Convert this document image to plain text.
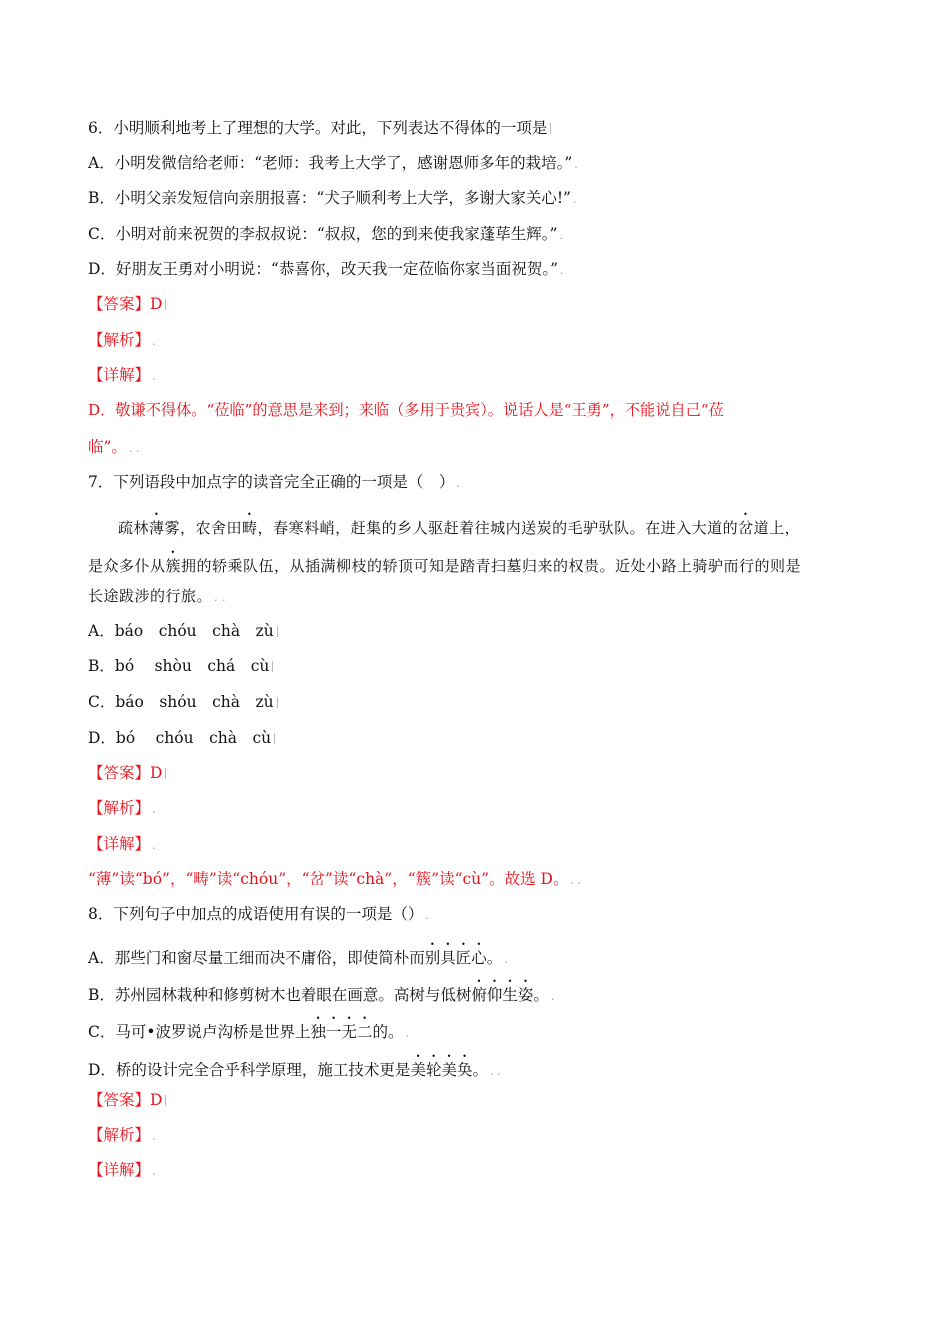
6．小明顺利地考上了理想的大学。对此，下列表达不得体的一项是
A．小明发微信给老师：“老师：我考上大学了，感谢恩师多年的栽培。” .
B．小明父亲发短信向亲朋报喜：“犬子顺利考上大学，多谢大家关心!” .
C．小明对前来祝贺的李叔叔说：“叔叔，您的到来使我家蓬荜生辉。” .
D．好朋友王勇对小明说：“恭喜你，改天我一定莅临你家当面祝贺。” .
【答案】D
【解析】 .
【详解】 .
D．敬谦不得体。“莅临”的意思是来到；来临（多用于贵宾）。说话人是“王勇”，不能说自己“莅
临”。 . .
7．下列语段中加点字的读音完全正确的一项是（　） .
疏林薄雾，农舍田畴，春寒料峭，赶集的乡人驱赶着往城内送炭的毛驴驮队。在进入大道的岔道上，
是众多仆从簇拥的轿乘队伍，从插满柳枝的轿顶可知是踏青扫墓归来的权贵。近处小路上骑驴而行的则是
长途跋涉的行旅。 . .
A．báo　chóu　chà　zù
B．bó　 shòu　chá　cù
C．báo　shóu　chà　zù
D．bó　 chóu　chà　cù
【答案】D
【解析】 .
【详解】 .
“薄”读“bó”，“畴”读“chóu”，“岔”读“chà”，“簇”读“cù”。故选 D。 . .
8．下列句子中加点的成语使用有误的一项是（） .
A．那些门和窗尽量工细而决不庸俗，即使简朴而别具匠心。 .
B．苏州园林栽种和修剪树木也着眼在画意。高树与低树俯仰生姿。 .
C．马可•波罗说卢沟桥是世界上独一无二的。 .
D．桥的设计完全合乎科学原理，施工技术更是美轮美奂。 . .
【答案】D
【解析】 .
【详解】 .
